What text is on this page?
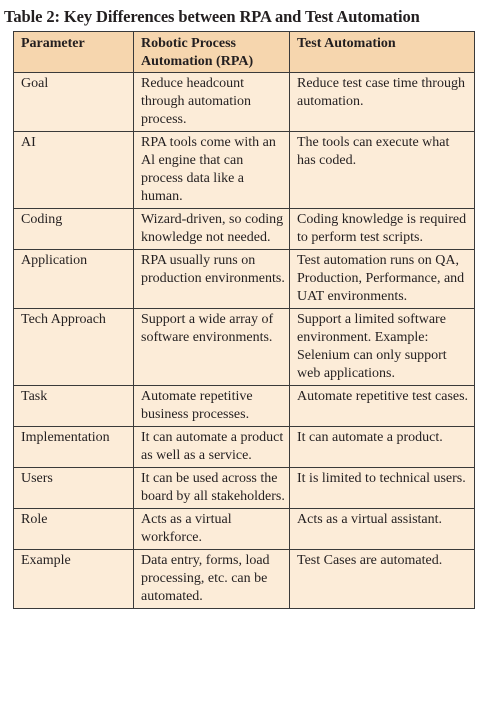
Table 2: Key Differences between RPA and Test Automation
Parameter	Robotic Process Automation (RPA)	Test Automation
Goal	Reduce headcount through automation process.	Reduce test case time through automation.
AI	RPA tools come with an Al engine that can process data like a human.	The tools can execute what has coded.
Coding	Wizard-driven, so coding knowledge not needed.	Coding knowledge is required to perform test scripts.
Application	RPA usually runs on production environments.	Test automation runs on QA, Production, Performance, and UAT environments.
Tech Approach	Support a wide array of software environments.	Support a limited software environment. Example: Selenium can only support web applications.
Task	Automate repetitive business processes.	Automate repetitive test cases.
Implementation	It can automate a product as well as a service.	It can automate a product.
Users	It can be used across the board by all stakeholders.	It is limited to technical users.
Role	Acts as a virtual workforce.	Acts as a virtual assistant.
Example	Data entry, forms, load processing, etc. can be automated.	Test Cases are automated.
